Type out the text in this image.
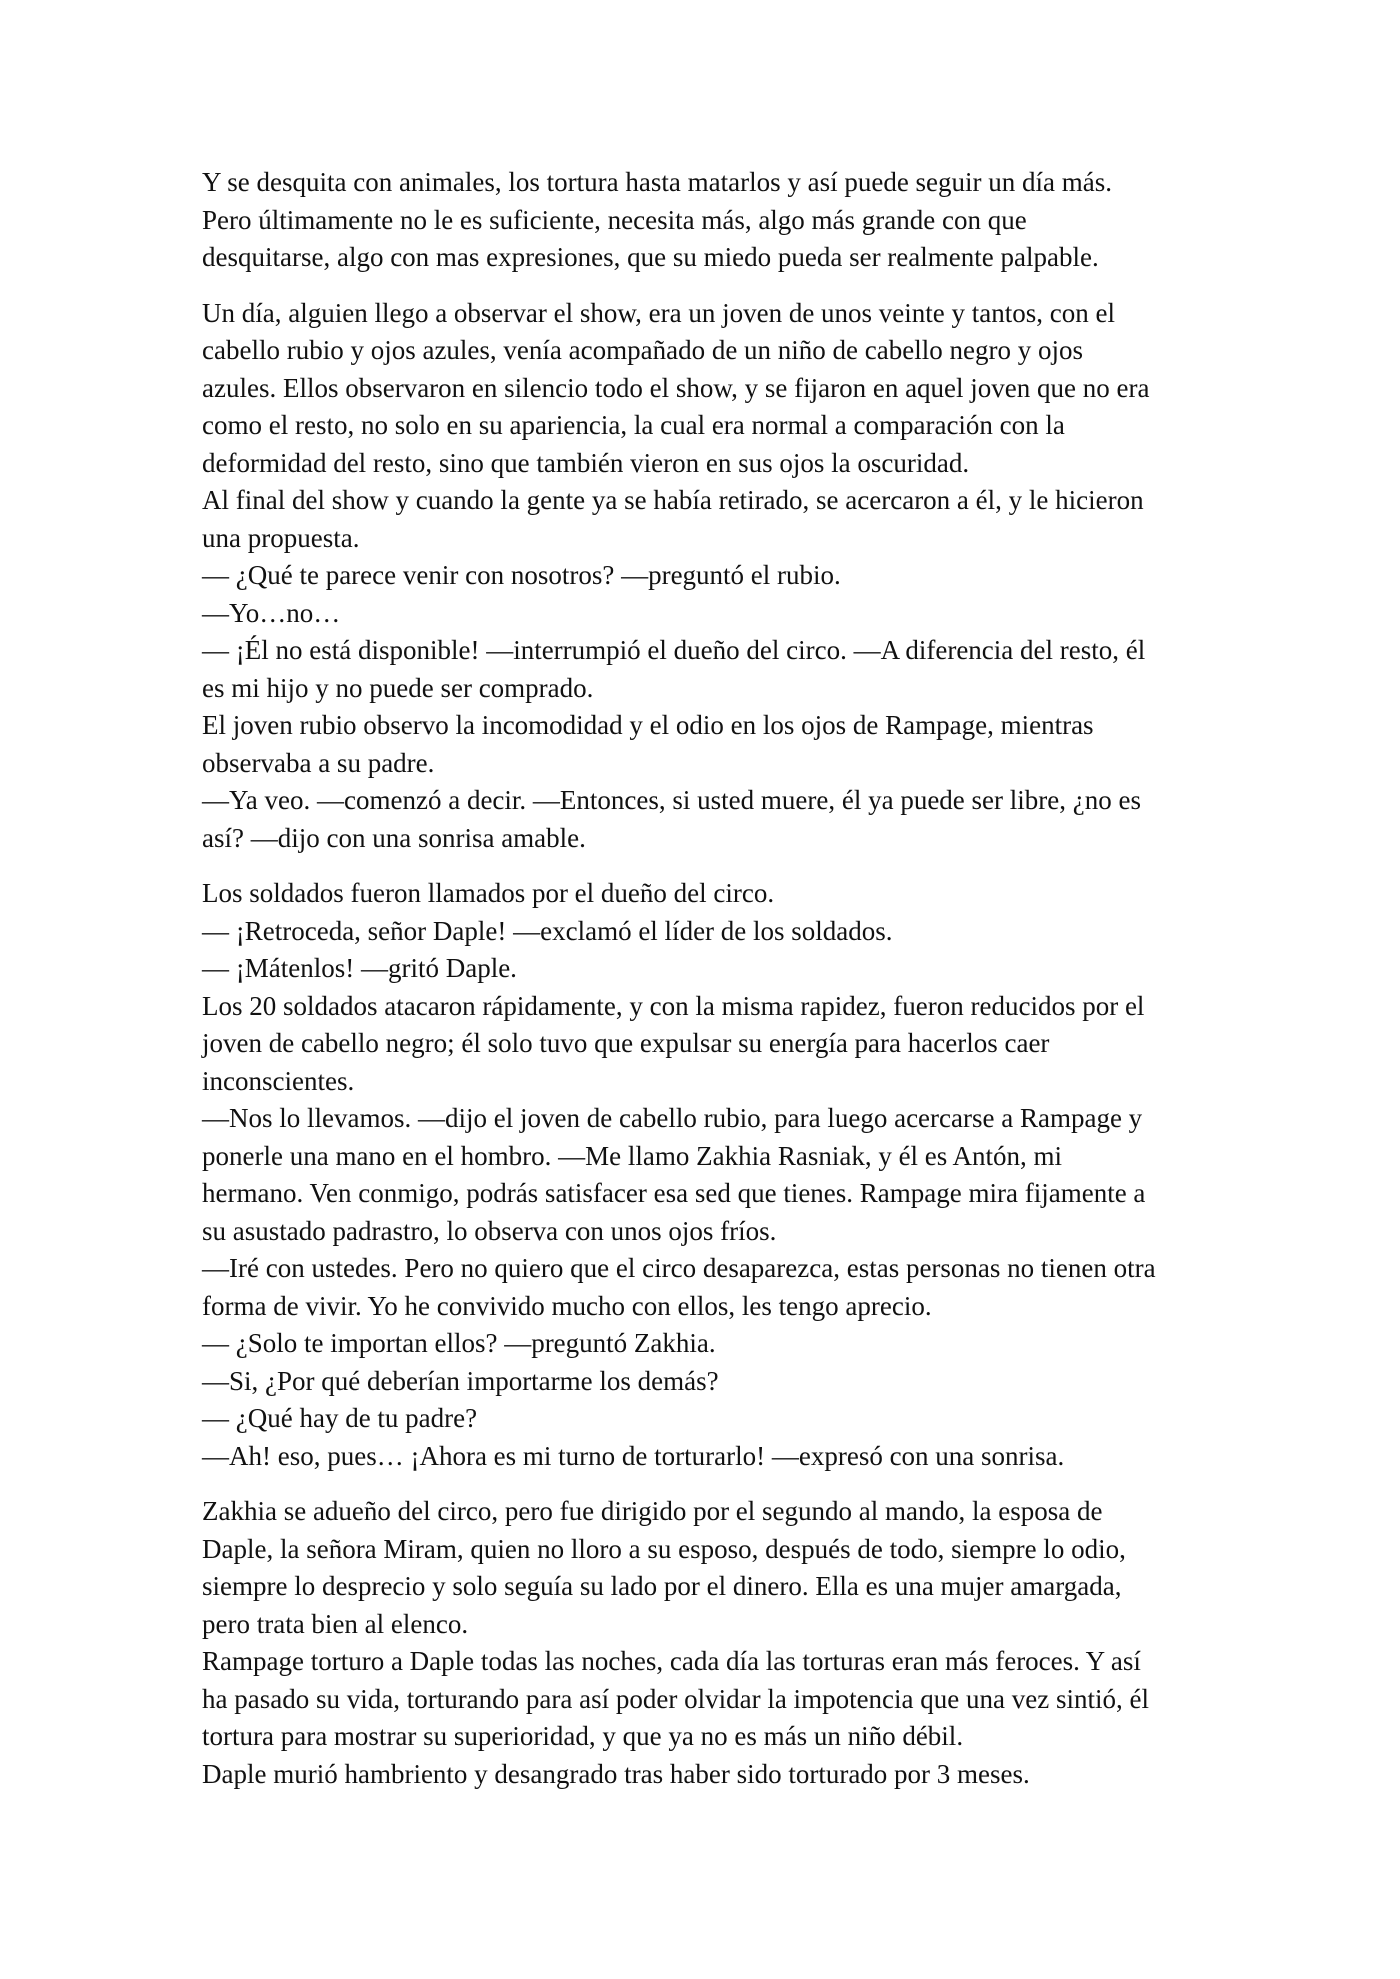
Y se desquita con animales, los tortura hasta matarlos y así puede seguir un día más.
Pero últimamente no le es suficiente, necesita más, algo más grande con que
desquitarse, algo con mas expresiones, que su miedo pueda ser realmente palpable.
Un día, alguien llego a observar el show, era un joven de unos veinte y tantos, con el
cabello rubio y ojos azules, venía acompañado de un niño de cabello negro y ojos
azules. Ellos observaron en silencio todo el show, y se fijaron en aquel joven que no era
como el resto, no solo en su apariencia, la cual era normal a comparación con la
deformidad del resto, sino que también vieron en sus ojos la oscuridad.
Al final del show y cuando la gente ya se había retirado, se acercaron a él, y le hicieron
una propuesta.
— ¿Qué te parece venir con nosotros? —preguntó el rubio.
—Yo…no…
— ¡Él no está disponible! —interrumpió el dueño del circo. —A diferencia del resto, él
es mi hijo y no puede ser comprado.
El joven rubio observo la incomodidad y el odio en los ojos de Rampage, mientras
observaba a su padre.
—Ya veo. —comenzó a decir. —Entonces, si usted muere, él ya puede ser libre, ¿no es
así? —dijo con una sonrisa amable.
Los soldados fueron llamados por el dueño del circo.
— ¡Retroceda, señor Daple! —exclamó el líder de los soldados.
— ¡Mátenlos! —gritó Daple.
Los 20 soldados atacaron rápidamente, y con la misma rapidez, fueron reducidos por el
joven de cabello negro; él solo tuvo que expulsar su energía para hacerlos caer
inconscientes.
—Nos lo llevamos. —dijo el joven de cabello rubio, para luego acercarse a Rampage y
ponerle una mano en el hombro. —Me llamo Zakhia Rasniak, y él es Antón, mi
hermano. Ven conmigo, podrás satisfacer esa sed que tienes. Rampage mira fijamente a
su asustado padrastro, lo observa con unos ojos fríos.
—Iré con ustedes. Pero no quiero que el circo desaparezca, estas personas no tienen otra
forma de vivir. Yo he convivido mucho con ellos, les tengo aprecio.
— ¿Solo te importan ellos? —preguntó Zakhia.
—Si, ¿Por qué deberían importarme los demás?
— ¿Qué hay de tu padre?
—Ah! eso, pues… ¡Ahora es mi turno de torturarlo! —expresó con una sonrisa.
Zakhia se adueño del circo, pero fue dirigido por el segundo al mando, la esposa de
Daple, la señora Miram, quien no lloro a su esposo, después de todo, siempre lo odio,
siempre lo desprecio y solo seguía su lado por el dinero. Ella es una mujer amargada,
pero trata bien al elenco.
Rampage torturo a Daple todas las noches, cada día las torturas eran más feroces. Y así
ha pasado su vida, torturando para así poder olvidar la impotencia que una vez sintió, él
tortura para mostrar su superioridad, y que ya no es más un niño débil.
Daple murió hambriento y desangrado tras haber sido torturado por 3 meses.
